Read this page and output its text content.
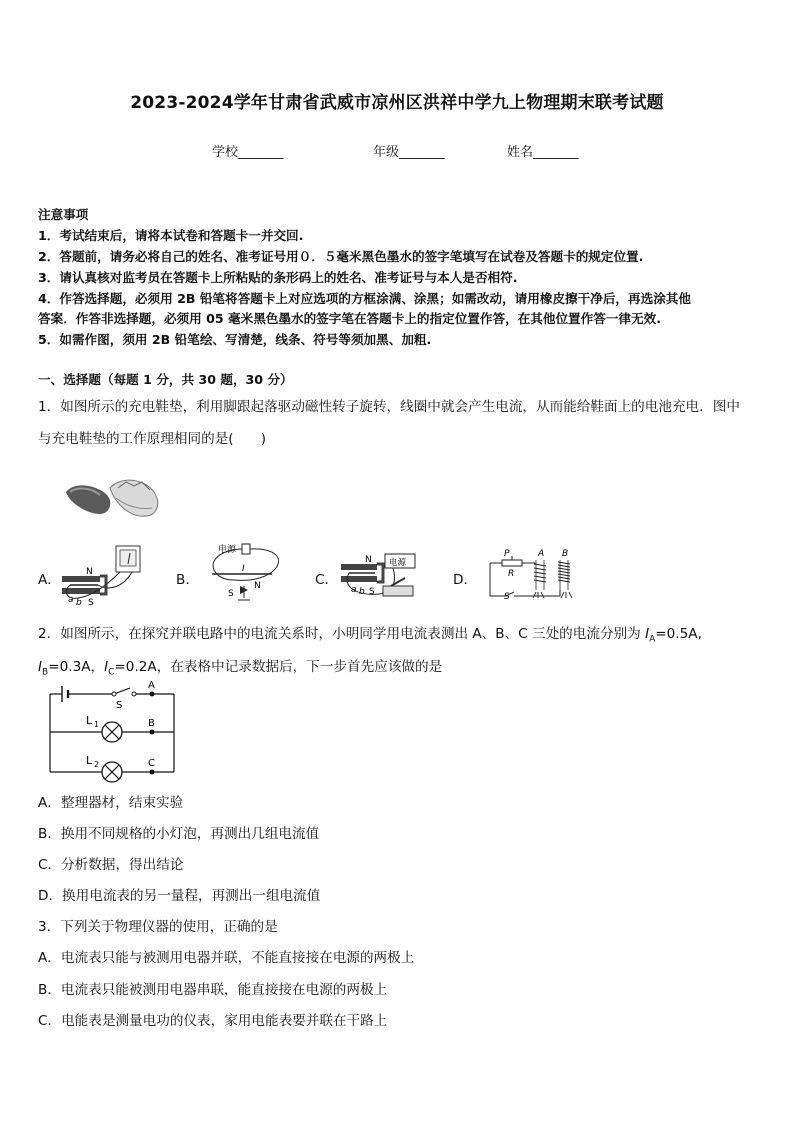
2023-2024学年甘肃省武威市凉州区洪祥中学九上物理期末联考试题
学校_______	年级_______	姓名_______
注意事项
1．考试结束后，请将本试卷和答题卡一并交回.
2．答题前，请务必将自己的姓名、准考证号用０．５毫米黑色墨水的签字笔填写在试卷及答题卡的规定位置.
3．请认真核对监考员在答题卡上所粘贴的条形码上的姓名、准考证号与本人是否相符.
4．作答选择题，必须用 2B 铅笔将答题卡上对应选项的方框涂满、涂黑；如需改动，请用橡皮擦干净后，再选涂其他
答案．作答非选择题，必须用 05 毫米黑色墨水的签字笔在答题卡上的指定位置作答，在其他位置作答一律无效.
5．如需作图，须用 2B 铅笔绘、写清楚，线条、符号等须加黑、加粗.
一、选择题（每题 1 分，共 30 题，30 分）
1．如图所示的充电鞋垫，利用脚跟起落驱动磁性转子旋转，线圈中就会产生电流，从而能给鞋面上的电池充电．图中
与充电鞋垫的工作原理相同的是(　　)
A．	B．	C．	D．
N
S
a b
电源
I
S
N
N
S
a b
电源
P	A B
R
S
2．如图所示，在探究并联电路中的电流关系时，小明同学用电流表测出 A、B、C 三处的电流分别为 $I_A=0.5A$,
$I_B=0.3A$，$I_C=0.2A$，在表格中记录数据后，下一步首先应该做的是
A
B
C
S
L 1
L 2
A．整理器材，结束实验
B．换用不同规格的小灯泡，再测出几组电流值
C．分析数据，得出结论
D．换用电流表的另一量程，再测出一组电流值
3．下列关于物理仪器的使用，正确的是
A．电流表只能与被测用电器并联，不能直接接在电源的两极上
B．电流表只能被测用电器串联，能直接接在电源的两极上
C．电能表是测量电功的仪表，家用电能表要并联在干路上
